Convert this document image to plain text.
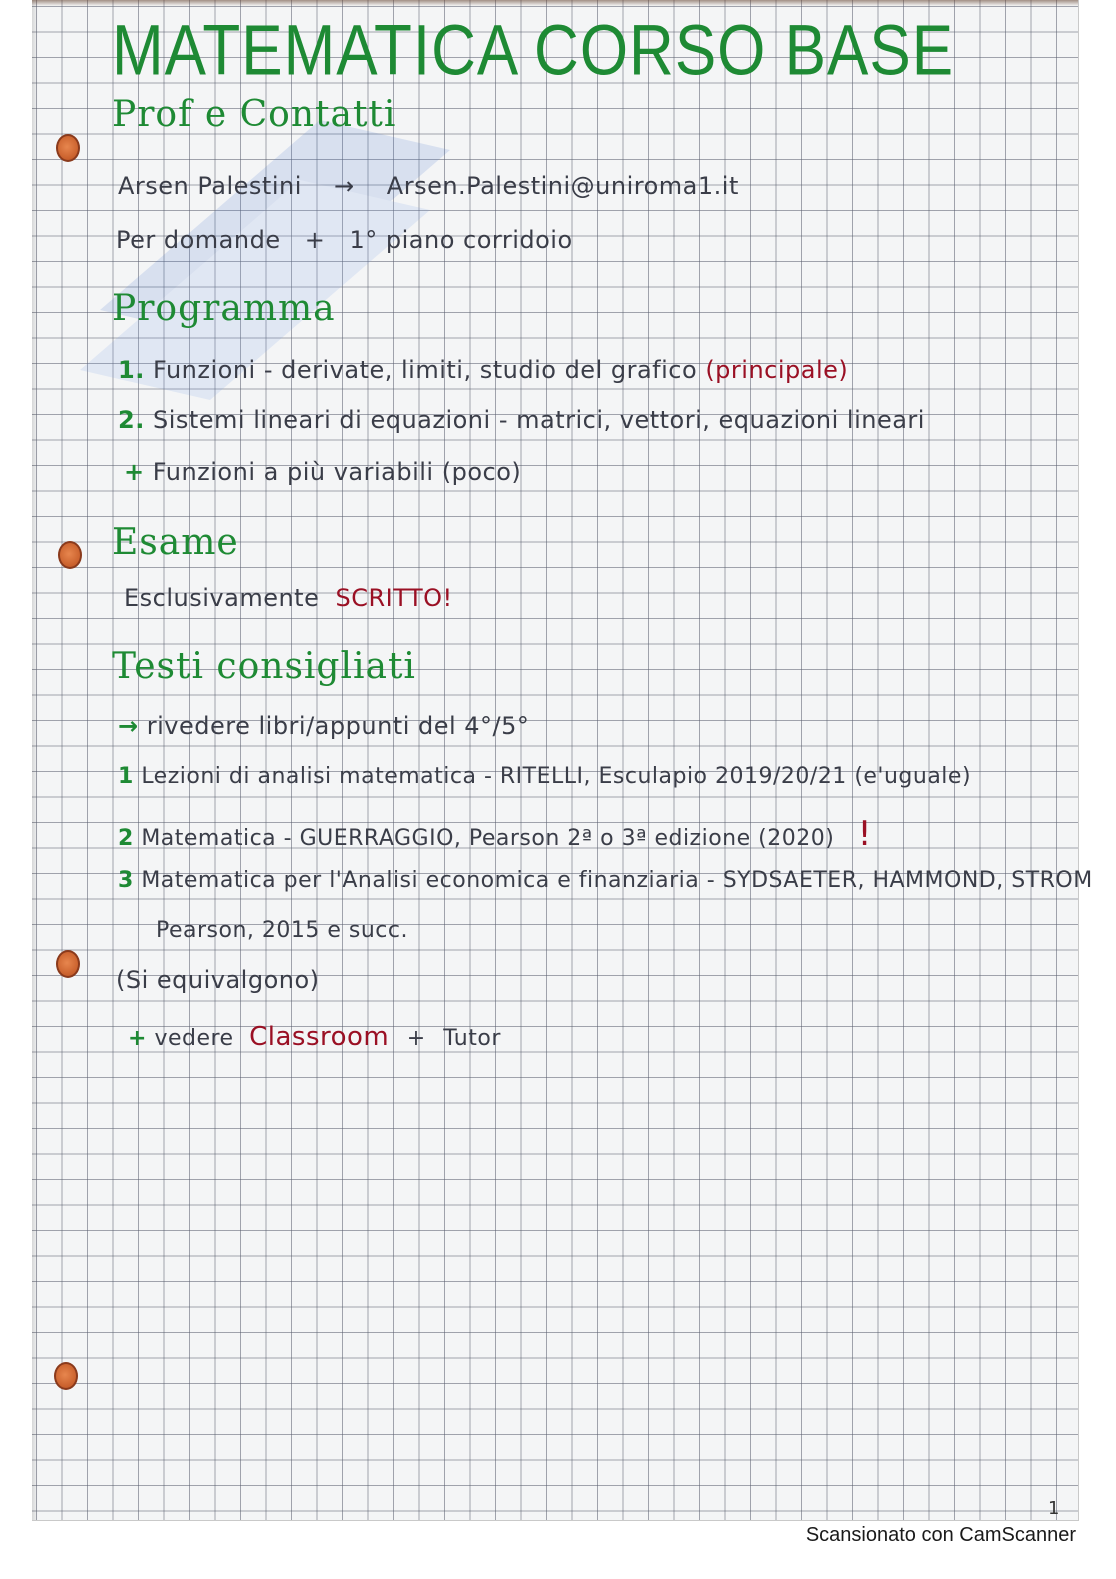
MATEMATICA CORSO BASE
Prof e Contatti
Arsen Palestini → Arsen.Palestini@uniroma1.it
Per domande + 1° piano corridoio
Programma
1. Funzioni - derivate, limiti, studio del grafico (principale)
2. Sistemi lineari di equazioni - matrici, vettori, equazioni lineari
+ Funzioni a più variabili (poco)
Esame
Esclusivamente SCRITTO!
Testi consigliati
→ rivedere libri/appunti del 4°/5°
1 Lezioni di analisi matematica - RITELLI, Esculapio 2019/20/21 (e'uguale)
2 Matematica - GUERRAGGIO, Pearson 2ª o 3ª edizione (2020) !
3 Matematica per l'Analisi economica e finanziaria - SYDSAETER, HAMMOND, STROM
Pearson, 2015 e succ.
(Si equivalgono)
+ vedere Classroom + Tutor
1
Scansionato con CamScanner
